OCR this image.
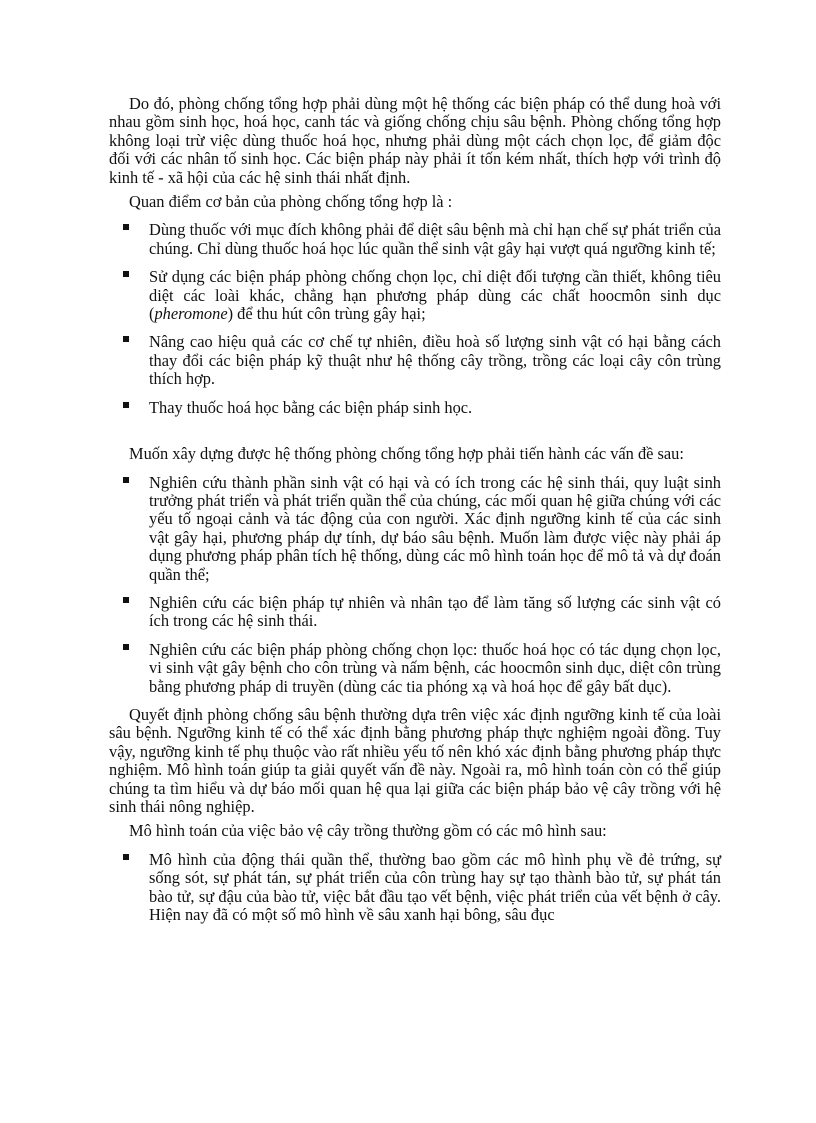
Do đó, phòng chống tổng hợp phải dùng một hệ thống các biện pháp có thể dung hoà với nhau gồm sinh học, hoá học, canh tác và giống chống chịu sâu bệnh. Phòng chống tổng hợp không loại trừ việc dùng thuốc hoá học, nhưng phải dùng một cách chọn lọc, để giảm độc đối với các nhân tố sinh học. Các biện pháp này phải ít tốn kém nhất, thích hợp với trình độ kinh tế - xã hội của các hệ sinh thái nhất định.

Quan điểm cơ bản của phòng chống tổng hợp là :

Dùng thuốc với mục đích không phải để diệt sâu bệnh mà chỉ hạn chế sự phát triển của chúng. Chỉ dùng thuốc hoá học lúc quần thể sinh vật gây hại vượt quá ngưỡng kinh tế;
Sử dụng các biện pháp phòng chống chọn lọc, chỉ diệt đối tượng cần thiết, không tiêu diệt các loài khác, chẳng hạn phương pháp dùng các chất hoocmôn sinh dục (pheromone) để thu hút côn trùng gây hại;
Nâng cao hiệu quả các cơ chế tự nhiên, điều hoà số lượng sinh vật có hại bằng cách thay đổi các biện pháp kỹ thuật như hệ thống cây trồng, trồng các loại cây côn trùng thích hợp.
Thay thuốc hoá học bằng các biện pháp sinh học.

Muốn xây dựng được hệ thống phòng chống tổng hợp phải tiến hành các vấn đề sau:

Nghiên cứu thành phần sinh vật có hại và có ích trong các hệ sinh thái, quy luật sinh trưởng phát triển và phát triển quần thể của chúng, các mối quan hệ giữa chúng với các yếu tố ngoại cảnh và tác động của con người. Xác định ngưỡng kinh tế của các sinh vật gây hại, phương pháp dự tính, dự báo sâu bệnh. Muốn làm được việc này phải áp dụng phương pháp phân tích hệ thống, dùng các mô hình toán học để mô tả và dự đoán quần thể;
Nghiên cứu các biện pháp tự nhiên và nhân tạo để làm tăng số lượng các sinh vật có ích trong các hệ sinh thái.
Nghiên cứu các biện pháp phòng chống chọn lọc: thuốc hoá học có tác dụng chọn lọc, vi sinh vật gây bệnh cho côn trùng và nấm bệnh, các hoocmôn sinh dục, diệt côn trùng bằng phương pháp di truyền (dùng các tia phóng xạ và hoá học để gây bất dục).

Quyết định phòng chống sâu bệnh thường dựa trên việc xác định ngưỡng kinh tế của loài sâu bệnh. Ngưỡng kinh tế có thể xác định bằng phương pháp thực nghiệm ngoài đồng. Tuy vậy, ngưỡng kinh tế phụ thuộc vào rất nhiều yếu tố nên khó xác định bằng phương pháp thực nghiệm. Mô hình toán giúp ta giải quyết vấn đề này. Ngoài ra, mô hình toán còn có thể giúp chúng ta tìm hiểu và dự báo mối quan hệ qua lại giữa các biện pháp bảo vệ cây trồng với hệ sinh thái nông nghiệp.

Mô hình toán của việc bảo vệ cây trồng thường gồm có các mô hình sau:

Mô hình của động thái quần thể, thường bao gồm các mô hình phụ về đẻ trứng, sự sống sót, sự phát tán, sự phát triển của côn trùng hay sự tạo thành bào tử, sự phát tán bào tử, sự đậu của bào tử, việc bắt đầu tạo vết bệnh, việc phát triển của vết bệnh ở cây. Hiện nay đã có một số mô hình về sâu xanh hại bông, sâu đục
